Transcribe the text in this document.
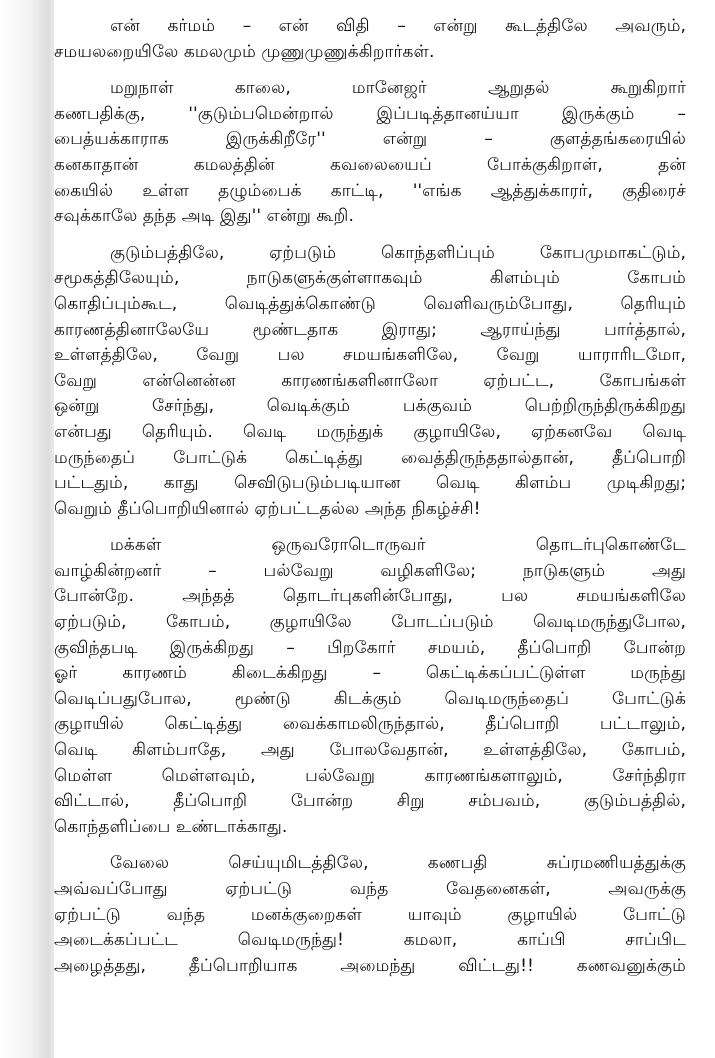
என் கர்மம் – என் விதி – என்று கூடத்திலே அவரும்,
சமயலறையிலே கமலமும் முணுமுணுக்கிறார்கள்.

மறுநாள் காலை, மானேஜர் ஆறுதல் கூறுகிறார்
கணபதிக்கு, ''குடும்பமென்றால் இப்படித்தானய்யா இருக்கும் –
பைத்யக்காராக இருக்கிறீரே'' என்று – குளத்தங்கரையில்
கனகாதான் கமலத்தின் கவலையைப் போக்குகிறாள், தன்
கையில் உள்ள தழும்பைக் காட்டி, ''எங்க ஆத்துக்காரர், குதிரைச்
சவுக்காலே தந்த அடி இது'' என்று கூறி.

குடும்பத்திலே, ஏற்படும் கொந்தளிப்பும் கோபமுமாகட்டும்,
சமூகத்திலேயும், நாடுகளுக்குள்ளாகவும் கிளம்பும் கோபம்
கொதிப்பும்கூட, வெடித்துக்கொண்டு வெளிவரும்போது, தெரியும்
காரணத்தினாலேயே மூண்டதாக இராது; ஆராய்ந்து பார்த்தால்,
உள்ளத்திலே, வேறு பல சமயங்களிலே, வேறு யாராரிடமோ,
வேறு என்னென்ன காரணங்களினாலோ ஏற்பட்ட, கோபங்கள்
ஒன்று சேர்ந்து, வெடிக்கும் பக்குவம் பெற்றிருந்திருக்கிறது
என்பது தெரியும். வெடி மருந்துக் குழாயிலே, ஏற்கனவே வெடி
மருந்தைப் போட்டுக் கெட்டித்து வைத்திருந்ததால்தான், தீப்பொறி
பட்டதும், காது செவிடுபடும்படியான வெடி கிளம்ப முடிகிறது;
வெறும் தீப்பொறியினால் ஏற்பட்டதல்ல அந்த நிகழ்ச்சி!

மக்கள் ஒருவரோடொருவர் தொடர்புகொண்டே
வாழ்கின்றனர் – பல்வேறு வழிகளிலே; நாடுகளும் அது
போன்றே. அந்தத் தொடர்புகளின்போது, பல சமயங்களிலே
ஏற்படும், கோபம், குழாயிலே போடப்படும் வெடிமருந்துபோல,
குவிந்தபடி இருக்கிறது – பிறகோர் சமயம், தீப்பொறி போன்ற
ஓர் காரணம் கிடைக்கிறது – கெட்டிக்கப்பட்டுள்ள மருந்து
வெடிப்பதுபோல, மூண்டு கிடக்கும் வெடிமருந்தைப் போட்டுக்
குழாயில் கெட்டித்து வைக்காமலிருந்தால், தீப்பொறி பட்டாலும்,
வெடி கிளம்பாதே, அது போலவேதான், உள்ளத்திலே, கோபம்,
மெள்ள மெள்ளவும், பல்வேறு காரணங்களாலும், சேர்ந்திரா
விட்டால், தீப்பொறி போன்ற சிறு சம்பவம், குடும்பத்தில்,
கொந்தளிப்பை உண்டாக்காது.

வேலை செய்யுமிடத்திலே, கணபதி சுப்ரமணியத்துக்கு
அவ்வப்போது ஏற்பட்டு வந்த வேதனைகள், அவருக்கு
ஏற்பட்டு வந்த மனக்குறைகள் யாவும் குழாயில் போட்டு
அடைக்கப்பட்ட வெடிமருந்து! கமலா, காப்பி சாப்பிட
அழைத்தது, தீப்பொறியாக அமைந்து விட்டது!! கணவனுக்கும்
